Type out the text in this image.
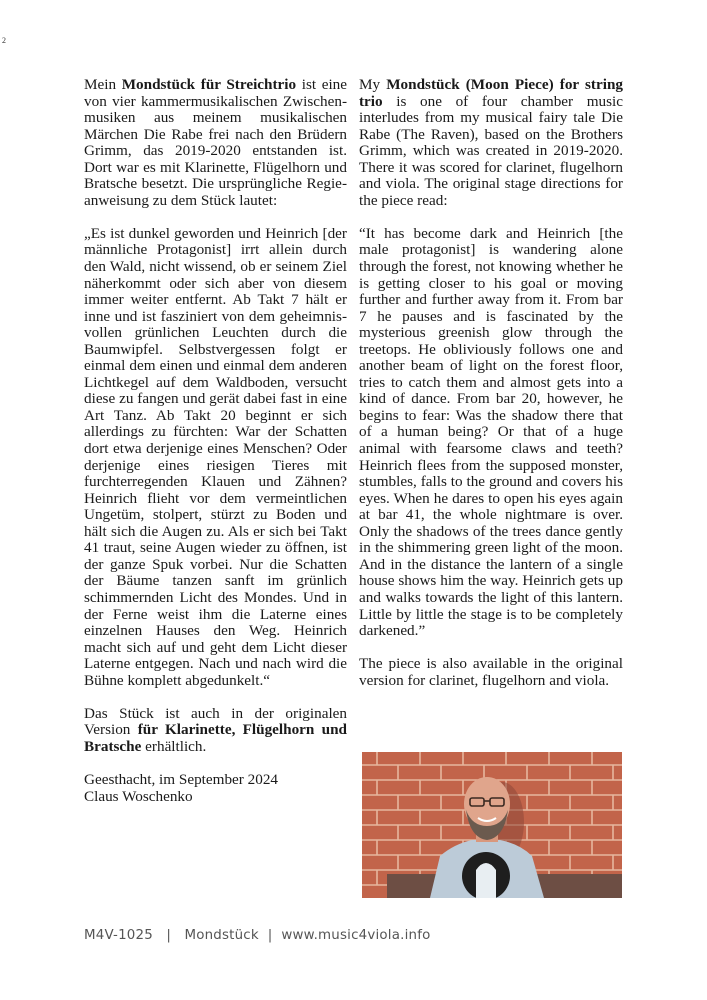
2

Mein Mondstück für Streichtrio ist eine von vier kammermusikalischen Zwischenmusiken aus meinem musikalischen Märchen Die Rabe frei nach den Brüdern Grimm, das 2019-2020 entstanden ist. Dort war es mit Klarinette, Flügelhorn und Bratsche besetzt. Die ursprüngliche Regieanweisung zu dem Stück lautet:

„Es ist dunkel geworden und Heinrich [der männliche Protagonist] irrt allein durch den Wald, nicht wissend, ob er seinem Ziel näherkommt oder sich aber von diesem immer weiter entfernt. Ab Takt 7 hält er inne und ist fasziniert von dem geheimnisvollen grünlichen Leuchten durch die Baumwipfel. Selbstvergessen folgt er einmal dem einen und einmal dem anderen Lichtkegel auf dem Waldboden, versucht diese zu fangen und gerät dabei fast in eine Art Tanz. Ab Takt 20 beginnt er sich allerdings zu fürchten: War der Schatten dort etwa derjenige eines Menschen? Oder derjenige eines riesigen Tieres mit furchterregenden Klauen und Zähnen? Heinrich flieht vor dem vermeintlichen Ungetüm, stolpert, stürzt zu Boden und hält sich die Augen zu. Als er sich bei Takt 41 traut, seine Augen wieder zu öffnen, ist der ganze Spuk vorbei. Nur die Schatten der Bäume tanzen sanft im grünlich schimmernden Licht des Mondes. Und in der Ferne weist ihm die Laterne eines einzelnen Hauses den Weg. Heinrich macht sich auf und geht dem Licht dieser Laterne entgegen. Nach und nach wird die Bühne komplett abgedunkelt.“

Das Stück ist auch in der originalen Version für Klarinette, Flügelhorn und Bratsche erhältlich.

Geesthacht, im September 2024

Claus Woschenko

My Mondstück (Moon Piece) for string trio is one of four chamber music interludes from my musical fairy tale Die Rabe (The Raven), based on the Brothers Grimm, which was created in 2019-2020. There it was scored for clarinet, flugelhorn and viola. The original stage directions for the piece read:

“It has become dark and Heinrich [the male protagonist] is wandering alone through the forest, not knowing whether he is getting closer to his goal or moving further and further away from it. From bar 7 he pauses and is fascinated by the mysterious greenish glow through the treetops. He obliviously follows one and another beam of light on the forest floor, tries to catch them and almost gets into a kind of dance. From bar 20, however, he begins to fear: Was the shadow there that of a human being? Or that of a huge animal with fearsome claws and teeth? Heinrich flees from the supposed monster, stumbles, falls to the ground and covers his eyes. When he dares to open his eyes again at bar 41, the whole nightmare is over. Only the shadows of the trees dance gently in the shimmering green light of the moon. And in the distance the lantern of a single house shows him the way. Heinrich gets up and walks towards the light of this lantern. Little by little the stage is to be completely darkened.”

The piece is also available in the original version for clarinet, flugelhorn and viola.

M4V-1025 | Mondstück | www.music4viola.info
